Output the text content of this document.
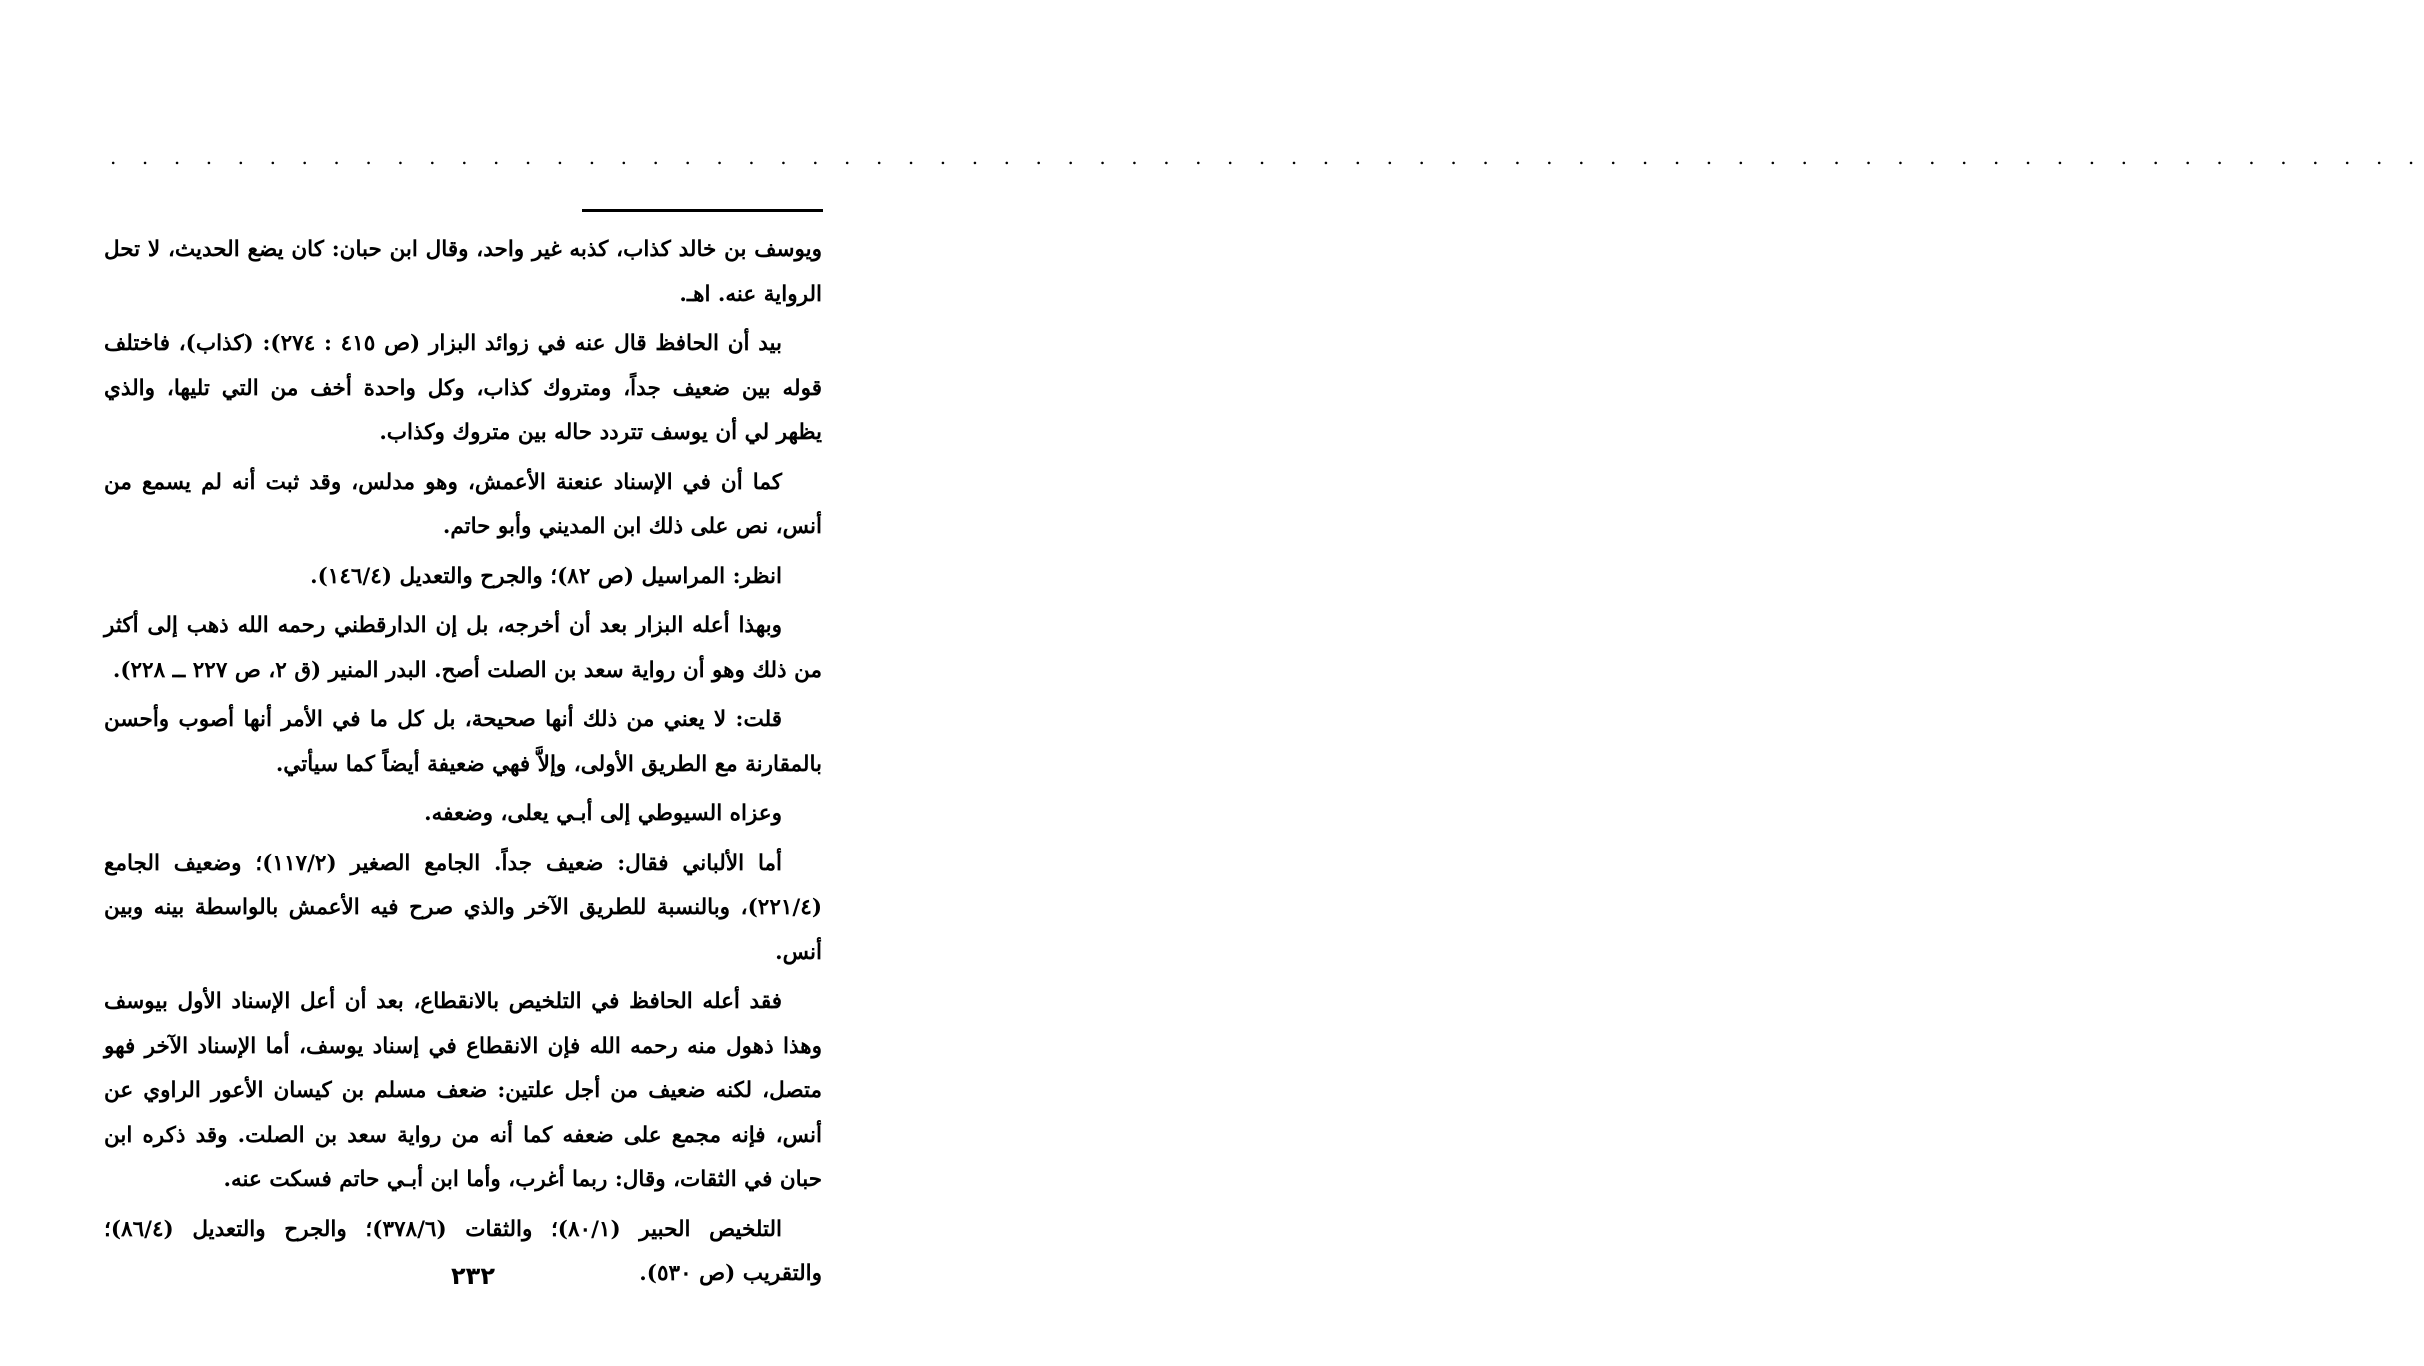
. . . . . . . . . . . . . . . . . . . . . . . . . . . . . . . . . . . . . . . . . . . . . . . . . . . . . . . . . . . . . . . . . . . . . . . . .

ويوسف بن خالد كذاب، كذبه غير واحد، وقال ابن حبان: كان يضع الحديث، لا تحل الرواية عنه. اهـ.

بيد أن الحافظ قال عنه في زوائد البزار (ص ٤١٥ : ٢٧٤): (كذاب)، فاختلف قوله بين ضعيف جداً، ومتروك كذاب، وكل واحدة أخف من التي تليها، والذي يظهر لي أن يوسف تتردد حاله بين متروك وكذاب.

كما أن في الإسناد عنعنة الأعمش، وهو مدلس، وقد ثبت أنه لم يسمع من أنس، نص على ذلك ابن المديني وأبو حاتم.

انظر: المراسيل (ص ٨٢)؛ والجرح والتعديل (١٤٦/٤).

وبهذا أعله البزار بعد أن أخرجه، بل إن الدارقطني رحمه الله ذهب إلى أكثر من ذلك وهو أن رواية سعد بن الصلت أصح. البدر المنير (ق ٢، ص ٢٢٧ ــ ٢٢٨).

قلت: لا يعني من ذلك أنها صحيحة، بل كل ما في الأمر أنها أصوب وأحسن بالمقارنة مع الطريق الأولى، وإلاَّ فهي ضعيفة أيضاً كما سيأتي.

وعزاه السيوطي إلى أبـي يعلى، وضعفه.

أما الألباني فقال: ضعيف جداً. الجامع الصغير (١١٧/٢)؛ وضعيف الجامع (٢٢١/٤)، وبالنسبة للطريق الآخر والذي صرح فيه الأعمش بالواسطة بينه وبين أنس.

فقد أعله الحافظ في التلخيص بالانقطاع، بعد أن أعل الإسناد الأول بيوسف وهذا ذهول منه رحمه الله فإن الانقطاع في إسناد يوسف، أما الإسناد الآخر فهو متصل، لكنه ضعيف من أجل علتين: ضعف مسلم بن كيسان الأعور الراوي عن أنس، فإنه مجمع على ضعفه كما أنه من رواية سعد بن الصلت. وقد ذكره ابن حبان في الثقات، وقال: ربما أغرب، وأما ابن أبـي حاتم فسكت عنه.

التلخيص الحبير (٨٠/١)؛ والثقات (٣٧٨/٦)؛ والجرح والتعديل (٨٦/٤)؛ والتقريب (ص ٥٣٠).

٢٣٢
